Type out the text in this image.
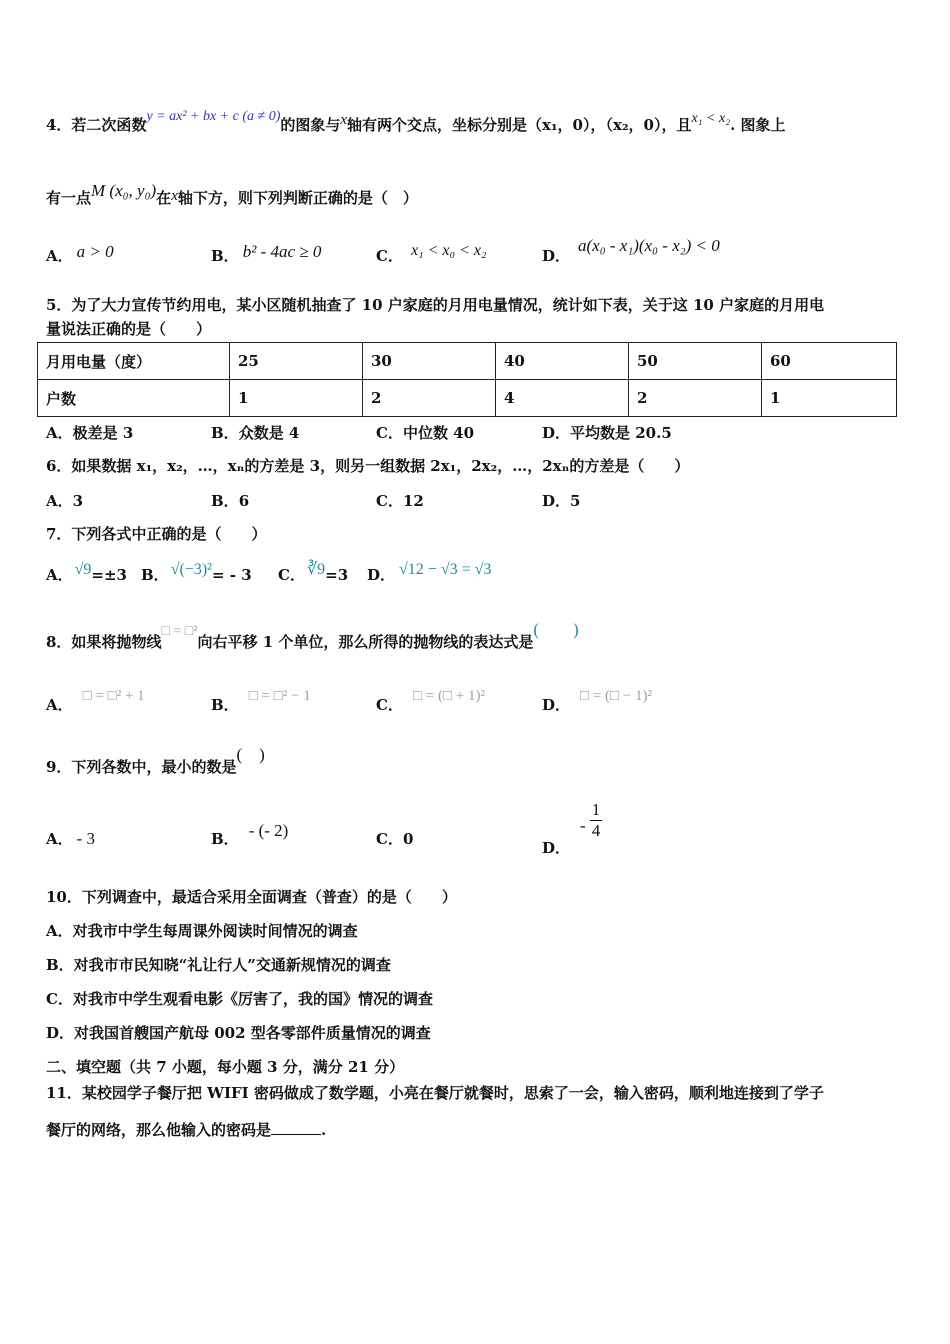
4．若二次函数y = ax² + bx + c (a ≠ 0)的图象与x轴有两个交点，坐标分别是（x₁，0），（x₂，0），且x₁ < x₂. 图象上
有一点M (x₀, y₀)在x轴下方，则下列判断正确的是（　）
A． a > 0	B． b² - 4ac ≥ 0	C． x₁ < x₀ < x₂	D．a(x₀ - x₁)(x₀ - x₂) < 0
5．为了大力宣传节约用电，某小区随机抽查了 10 户家庭的月用电量情况，统计如下表，关于这 10 户家庭的月用电
量说法正确的是（　　）
月用电量（度）	25	30	40	50	60
户数	1	2	4	2	1
A．极差是 3	B．众数是 4	C．中位数 40	D．平均数是 20.5
6．如果数据 x₁，x₂，…，xₙ的方差是 3，则另一组数据 2x₁，2x₂，…，2xₙ的方差是（　　）
A．3	B．6	C．12	D．5
7．下列各式中正确的是（　　）
A． √9=±3 B． √(−3)²= - 3 C． ∛9=3 D． √12 − √3 = √3
8．如果将抛物线□ = □²向右平移 1 个单位，那么所得的抛物线的表达式是(　　)
A． □ = □² + 1	B． □ = □² − 1	C． □ = (□ + 1)²	D． □ = (□ − 1)²
9．下列各数中，最小的数是(　)
A． - 3	B． - (- 2)	C．0	D．- $\frac{1}{4}$
10．下列调查中，最适合采用全面调查（普查）的是（　　）
A．对我市中学生每周课外阅读时间情况的调查
B．对我市市民知晓“礼让行人”交通新规情况的调查
C．对我市中学生观看电影《厉害了，我的国》情况的调查
D．对我国首艘国产航母 002 型各零部件质量情况的调查
二、填空题（共 7 小题，每小题 3 分，满分 21 分）
11．某校园学子餐厅把 WIFI 密码做成了数学题，小亮在餐厅就餐时，思索了一会，输入密码，顺利地连接到了学子
餐厅的网络，那么他输入的密码是	.
